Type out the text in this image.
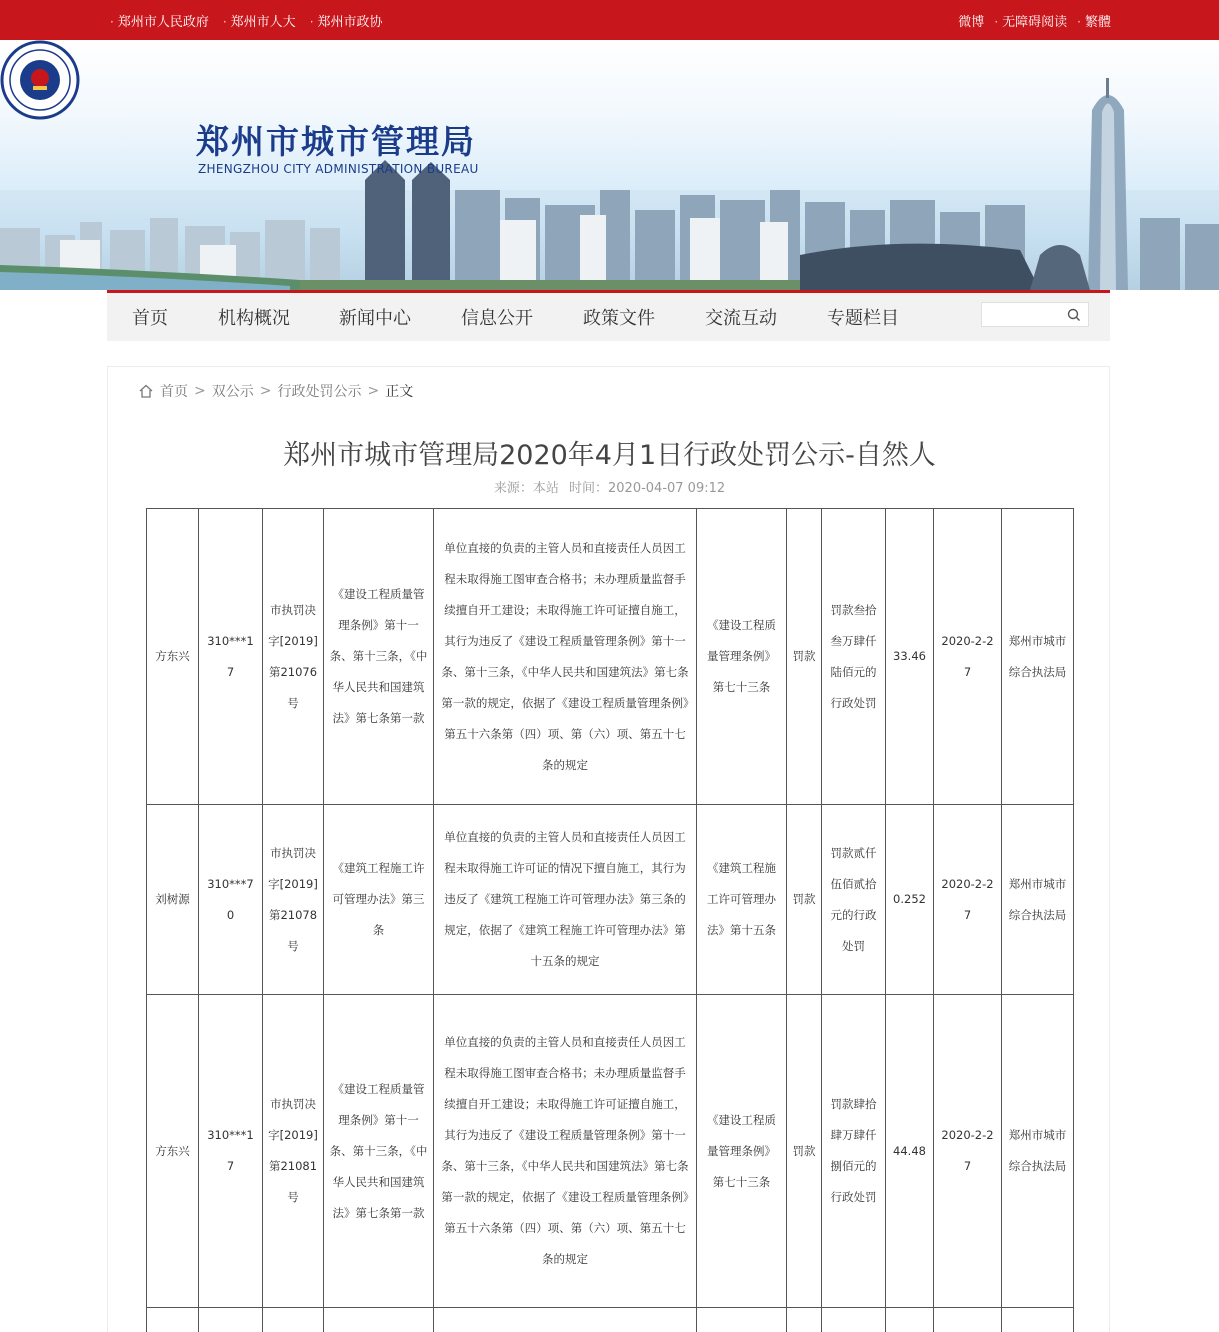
· 郑州市人民政府 · 郑州市人大 · 郑州市政协	微博 · 无障碍阅读 · 繁體
郑州市城市管理局
ZHENGZHOU CITY ADMINISTRATION BUREAU
首页	机构概况	新闻中心	信息公开	政策文件	交流互动	专题栏目
首页 > 双公示 > 行政处罚公示 > 正文
郑州市城市管理局2020年4月1日行政处罚公示-自然人
来源：本站 时间：2020-04-07 09:12
方东兴	310***17	市执罚决字[2019]第21076号	《建设工程质量管理条例》第十一条、第十三条，《中华人民共和国建筑法》第七条第一款	单位直接的负责的主管人员和直接责任人员因工程未取得施工图审查合格书；未办理质量监督手续擅自开工建设；未取得施工许可证擅自施工，其行为违反了《建设工程质量管理条例》第十一条、第十三条，《中华人民共和国建筑法》第七条第一款的规定，依据了《建设工程质量管理条例》第五十六条第（四）项、第（六）项、第五十七条的规定	《建设工程质量管理条例》第七十三条	罚款	罚款叁拾叁万肆仟陆佰元的行政处罚	33.46	2020-2-27	郑州市城市综合执法局
刘树源	310***70	市执罚决字[2019]第21078号	《建筑工程施工许可管理办法》第三条	单位直接的负责的主管人员和直接责任人员因工程未取得施工许可证的情况下擅自施工，其行为违反了《建筑工程施工许可管理办法》第三条的规定，依据了《建筑工程施工许可管理办法》第十五条的规定	《建筑工程施工许可管理办法》第十五条	罚款	罚款贰仟伍佰贰拾元的行政处罚	0.252	2020-2-27	郑州市城市综合执法局
方东兴	310***17	市执罚决字[2019]第21081号	《建设工程质量管理条例》第十一条、第十三条，《中华人民共和国建筑法》第七条第一款	单位直接的负责的主管人员和直接责任人员因工程未取得施工图审查合格书；未办理质量监督手续擅自开工建设；未取得施工许可证擅自施工，其行为违反了《建设工程质量管理条例》第十一条、第十三条，《中华人民共和国建筑法》第七条第一款的规定，依据了《建设工程质量管理条例》第五十六条第（四）项、第（六）项、第五十七条的规定	《建设工程质量管理条例》第七十三条	罚款	罚款肆拾肆万肆仟捌佰元的行政处罚	44.48	2020-2-27	郑州市城市综合执法局
